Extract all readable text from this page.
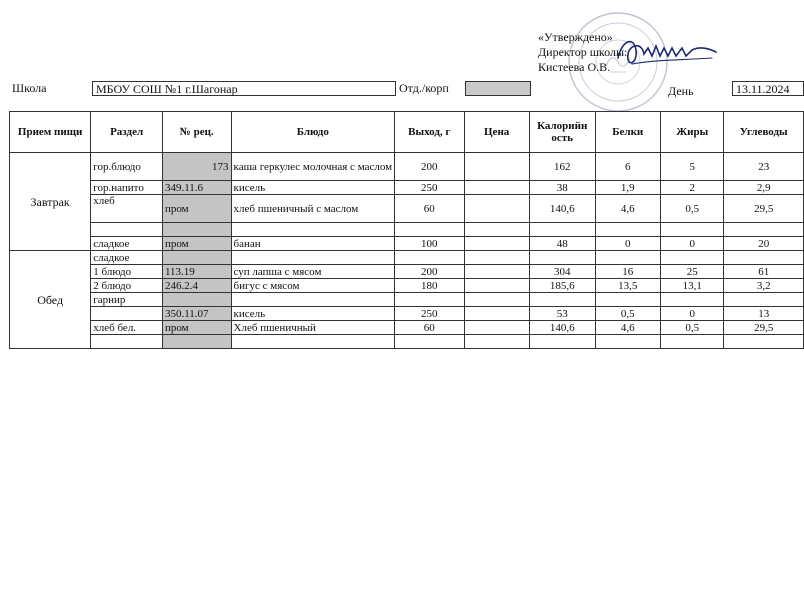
«Утверждено»
Директор школы:
Кистеева О.В.
Школа	МБОУ СОШ №1 г.Шагонар	Отд./корп	День	13.11.2024
Прием пищи	Раздел	№ рец.	Блюдо	Выход, г	Цена	Калорийн ость	Белки	Жиры	Углеводы
Завтрак	гор.блюдо	173	каша геркулес молочная с маслом	200		162	6	5	23
	гор.напито	349.11.6	кисель	250		38	1,9	2	2,9
	хлеб	пром	хлеб пшеничный с маслом	60		140,6	4,6	0,5	29,5

	сладкое	пром	банан	100		48	0	0	20
Обед	сладкое								
	1 блюдо	113.19	суп лапша с мясом	200		304	16	25	61
	2 блюдо	246.2.4	бигус с мясом	180		185,6	13,5	13,1	3,2
	гарнир								
		350.11.07	кисель	250		53	0,5	0	13
	хлеб бел.	пром	Хлеб пшеничный	60		140,6	4,6	0,5	29,5
